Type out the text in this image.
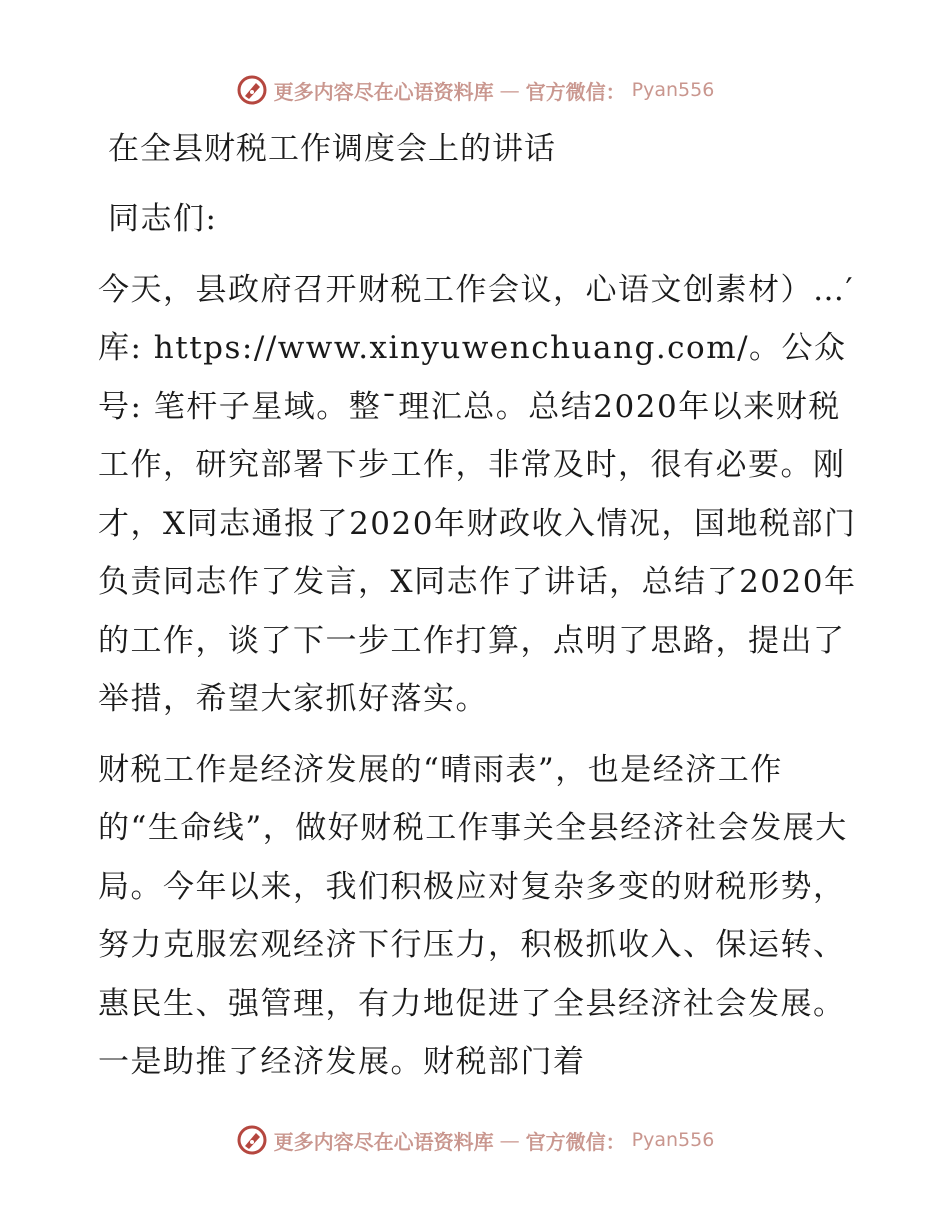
更多内容尽在心语资料库 — 官方微信： Pyan556
在全县财税工作调度会上的讲话

同志们:

今天，县政府召开财税工作会议，心语文创素材）…′库: https://www.xinyuwenchuang.com/。公众号: 笔杆子星域。整¯理汇总。总结2020年以来财税工作，研究部署下步工作，非常及时，很有必要。刚才，X同志通报了2020年财政收入情况，国地税部门负责同志作了发言，X同志作了讲话，总结了2020年的工作，谈了下一步工作打算，点明了思路，提出了举措，希望大家抓好落实。

财税工作是经济发展的“晴雨表”，也是经济工作的“生命线”，做好财税工作事关全县经济社会发展大局。今年以来，我们积极应对复杂多变的财税形势，努力克服宏观经济下行压力，积极抓收入、保运转、惠民生、强管理，有力地促进了全县经济社会发展。一是助推了经济发展。财税部门着

更多内容尽在心语资料库 — 官方微信： Pyan556
